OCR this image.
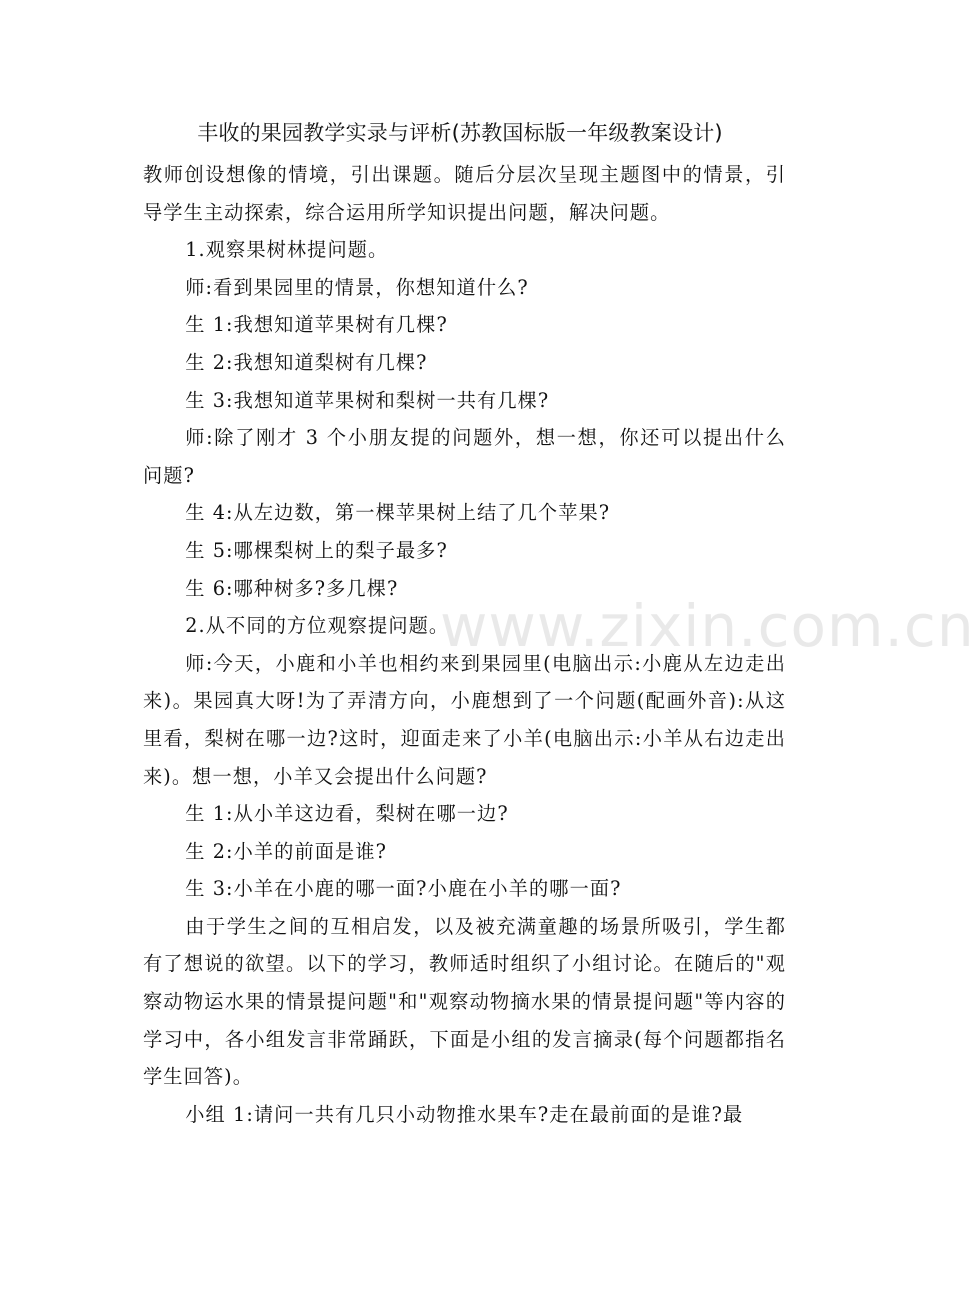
www.zixin.com.cn
丰收的果园教学实录与评析(苏教国标版一年级教案设计)

教师创设想像的情境，引出课题。随后分层次呈现主题图中的情景，引导学生主动探索，综合运用所学知识提出问题，解决问题。

1.观察果树林提问题。

师:看到果园里的情景，你想知道什么?

生 1:我想知道苹果树有几棵?

生 2:我想知道梨树有几棵?

生 3:我想知道苹果树和梨树一共有几棵?

师:除了刚才 3 个小朋友提的问题外，想一想，你还可以提出什么问题?

生 4:从左边数，第一棵苹果树上结了几个苹果?

生 5:哪棵梨树上的梨子最多?

生 6:哪种树多?多几棵?

2.从不同的方位观察提问题。

师:今天，小鹿和小羊也相约来到果园里(电脑出示:小鹿从左边走出来)。果园真大呀!为了弄清方向，小鹿想到了一个问题(配画外音):从这里看，梨树在哪一边?这时，迎面走来了小羊(电脑出示:小羊从右边走出来)。想一想，小羊又会提出什么问题?

生 1:从小羊这边看，梨树在哪一边?

生 2:小羊的前面是谁?

生 3:小羊在小鹿的哪一面?小鹿在小羊的哪一面?

由于学生之间的互相启发，以及被充满童趣的场景所吸引，学生都有了想说的欲望。以下的学习，教师适时组织了小组讨论。在随后的"观察动物运水果的情景提问题"和"观察动物摘水果的情景提问题"等内容的学习中，各小组发言非常踊跃，下面是小组的发言摘录(每个问题都指名学生回答)。

小组 1:请问一共有几只小动物推水果车?走在最前面的是谁?最
